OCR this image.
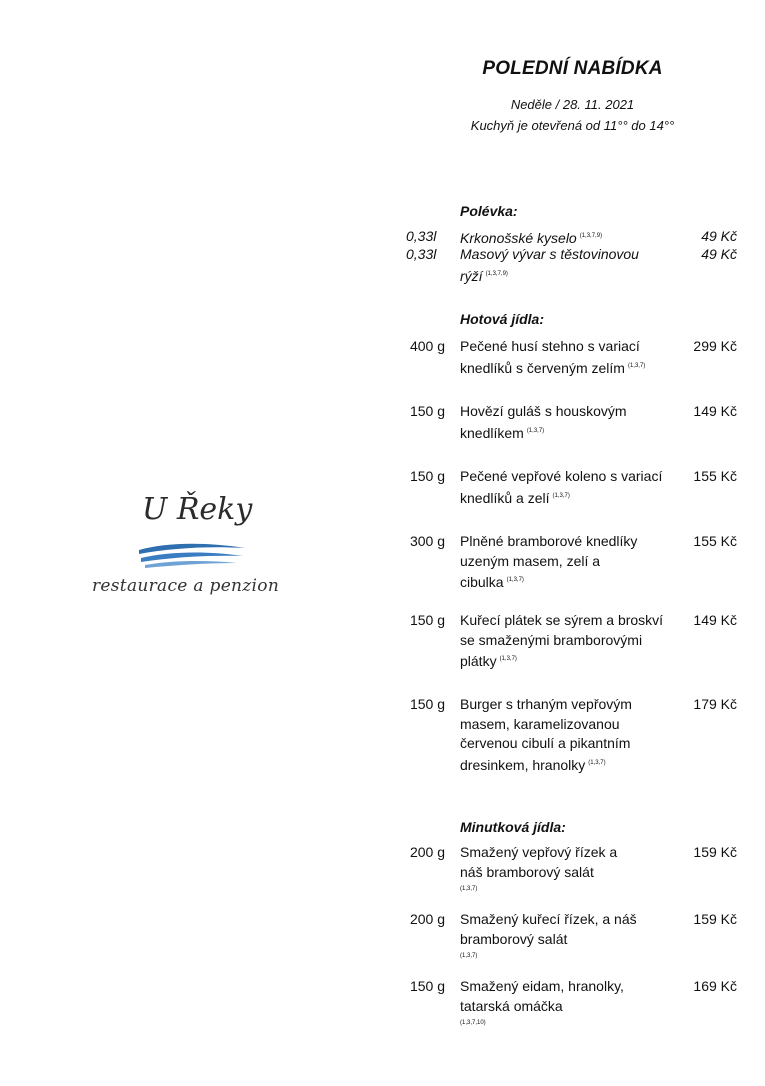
POLEDNÍ NABÍDKA
Neděle / 28. 11. 2021
Kuchyň je otevřená od 11°° do 14°°
U Řeky
restaurace a penzion
Polévka:
0,33l Krkonošské kyselo $^{(1,3,7,9)}$	49 Kč
0,33l Masový vývar s těstovinovou rýží $^{(1,3,7,9)}$
49 Kč
Hotová jídla:
400 g Pečené husí stehno s variací knedlíků s červeným zelím $^{(1,3,7)}$
299 Kč
150 g Hovězí guláš s houskovým knedlíkem $^{(1,3,7)}$
149 Kč
150 g Pečené vepřové koleno s variací knedlíků a zelí $^{(1,3,7)}$
155 Kč
300 g Plněné bramborové knedlíky uzeným masem, zelí a cibulka $^{(1,3,7)}$
155 Kč
150 g Kuřecí plátek se sýrem a broskví se smaženými bramborovými plátky $^{(1,3,7)}$
149 Kč
150 g Burger s trhaným vepřovým masem, karamelizovanou červenou cibulí a pikantním dresinkem, hranolky $^{(1,3,7)}$
179 Kč
Minutková jídla:
200 g Smažený vepřový řízek a náš bramborový salát
(1,3,7)
159 Kč
200 g Smažený kuřecí řízek, a náš bramborový salát
(1,3,7)
159 Kč
150 g Smažený eidam, hranolky, tatarská omáčka
(1,3,7,10)
169 Kč
